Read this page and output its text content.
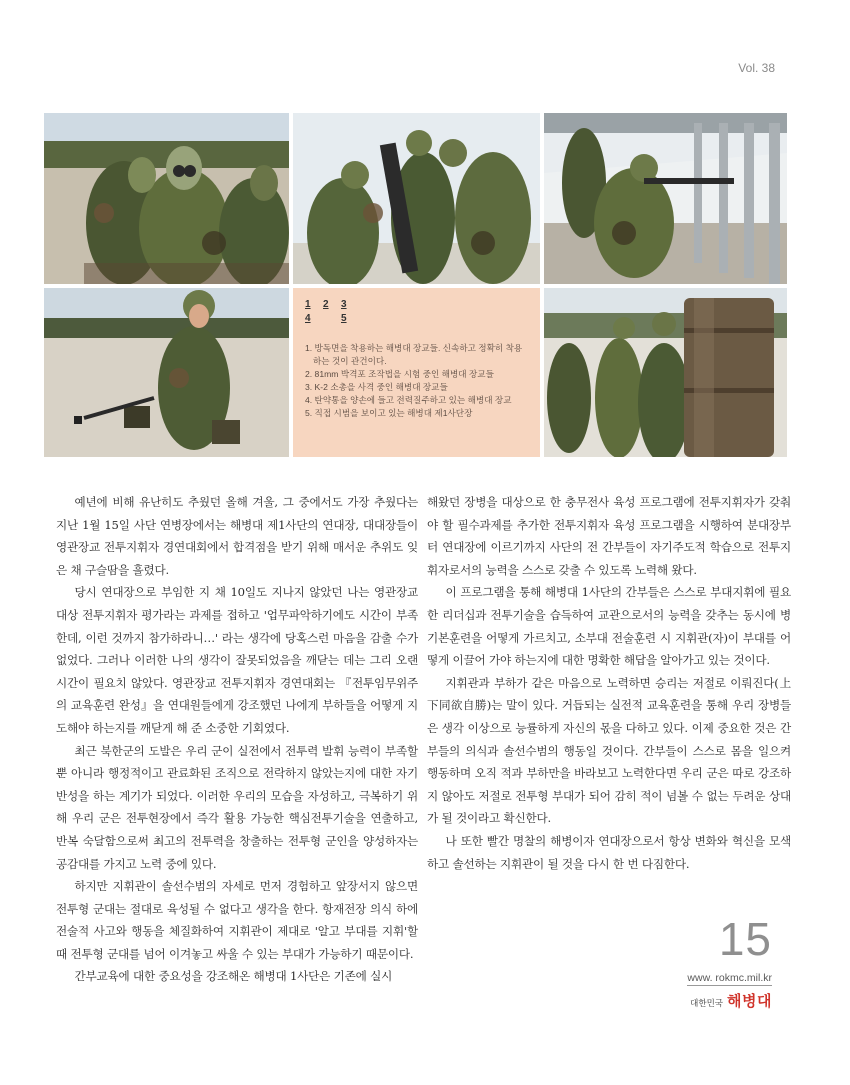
Vol. 38
1	2	3
4	5
1. 방독면을 착용하는 해병대 장교들. 신속하고 정확히 착용하는 것이 관건이다.
2. 81mm 박격포 조작법을 시험 중인 해병대 장교들
3. K-2 소총을 사격 중인 해병대 장교들
4. 탄약통을 양손에 들고 전력질주하고 있는 해병대 장교
5. 직접 시범을 보이고 있는 해병대 제1사단장

예년에 비해 유난히도 추웠던 올해 겨울, 그 중에서도 가장 추웠다는 지난 1월 15일 사단 연병장에서는 해병대 제1사단의 연대장, 대대장들이 영관장교 전투지휘자 경연대회에서 합격점을 받기 위해 매서운 추위도 잊은 채 구슬땀을 흘렸다.

당시 연대장으로 부임한 지 채 10일도 지나지 않았던 나는 영관장교 대상 전투지휘자 평가라는 과제를 접하고 '업무파악하기에도 시간이 부족한데, 이런 것까지 참가하라니…' 라는 생각에 당혹스런 마음을 감출 수가 없었다. 그러나 이러한 나의 생각이 잘못되었음을 깨닫는 데는 그리 오랜 시간이 필요치 않았다. 영관장교 전투지휘자 경연대회는 『전투임무위주의 교육훈련 완성』을 연대원들에게 강조했던 나에게 부하들을 어떻게 지도해야 하는지를 깨닫게 해 준 소중한 기회였다.

최근 북한군의 도발은 우리 군이 실전에서 전투력 발휘 능력이 부족할 뿐 아니라 행정적이고 관료화된 조직으로 전락하지 않았는지에 대한 자기반성을 하는 계기가 되었다. 이러한 우리의 모습을 자성하고, 극복하기 위해 우리 군은 전투현장에서 즉각 활용 가능한 핵심전투기술을 연출하고, 반복 숙달함으로써 최고의 전투력을 창출하는 전투형 군인을 양성하자는 공감대를 가지고 노력 중에 있다.

하지만 지휘관이 솔선수범의 자세로 먼저 경험하고 앞장서지 않으면 전투형 군대는 절대로 육성될 수 없다고 생각을 한다. 항재전장 의식 하에 전술적 사고와 행동을 체질화하여 지휘관이 제대로 '알고 부대를 지휘'할 때 전투형 군대를 넘어 이겨놓고 싸울 수 있는 부대가 가능하기 때문이다.

간부교육에 대한 중요성을 강조해온 해병대 1사단은 기존에 실시

해왔던 장병을 대상으로 한 충무전사 육성 프로그램에 전투지휘자가 갖춰야 할 필수과제를 추가한 전투지휘자 육성 프로그램을 시행하여 분대장부터 연대장에 이르기까지 사단의 전 간부들이 자기주도적 학습으로 전투지휘자로서의 능력을 스스로 갖출 수 있도록 노력해 왔다.

이 프로그램을 통해 해병대 1사단의 간부들은 스스로 부대지휘에 필요한 리더십과 전투기술을 습득하여 교관으로서의 능력을 갖추는 동시에 병 기본훈련을 어떻게 가르치고, 소부대 전술훈련 시 지휘관(자)이 부대를 어떻게 이끌어 가야 하는지에 대한 명확한 해답을 알아가고 있는 것이다.

지휘관과 부하가 같은 마음으로 노력하면 승리는 저절로 이뤄진다(上下同欲自勝)는 말이 있다. 거듭되는 실전적 교육훈련을 통해 우리 장병들은 생각 이상으로 능률하게 자신의 몫을 다하고 있다. 이제 중요한 것은 간부들의 의식과 솔선수범의 행동일 것이다. 간부들이 스스로 몸을 일으켜 행동하며 오직 적과 부하만을 바라보고 노력한다면 우리 군은 따로 강조하지 않아도 저절로 전투형 부대가 되어 감히 적이 넘볼 수 없는 두려운 상대가 될 것이라고 확신한다.

나 또한 빨간 명찰의 해병이자 연대장으로서 항상 변화와 혁신을 모색하고 솔선하는 지휘관이 될 것을 다시 한 번 다짐한다.

15
www. rokmc.mil.kr
대한민국 해병대
